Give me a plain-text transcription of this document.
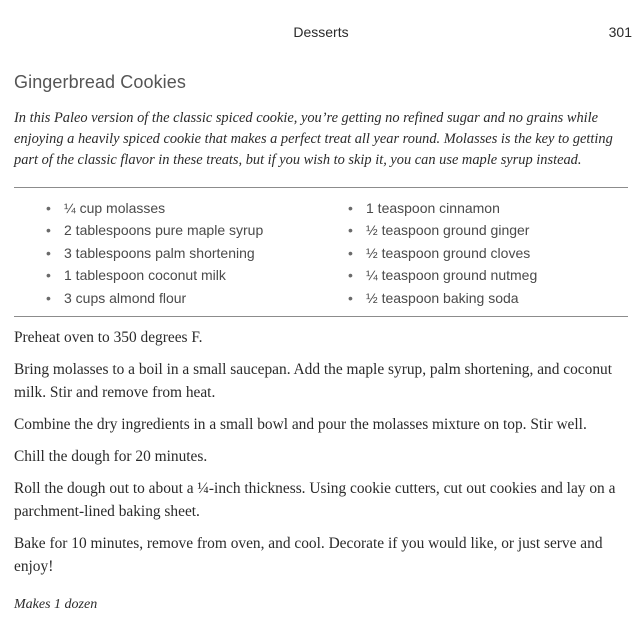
Desserts	301
Gingerbread Cookies

In this Paleo version of the classic spiced cookie, you’re getting no refined sugar and no grains while enjoying a heavily spiced cookie that makes a perfect treat all year round. Molasses is the key to getting part of the classic flavor in these treats, but if you wish to skip it, you can use maple syrup instead.

• ¼ cup molasses
• 2 tablespoons pure maple syrup
• 3 tablespoons palm shortening
• 1 tablespoon coconut milk
• 3 cups almond flour
• 1 teaspoon cinnamon
• ½ teaspoon ground ginger
• ½ teaspoon ground cloves
• ¼ teaspoon ground nutmeg
• ½ teaspoon baking soda

Preheat oven to 350 degrees F.

Bring molasses to a boil in a small saucepan. Add the maple syrup, palm shortening, and coconut milk. Stir and remove from heat.

Combine the dry ingredients in a small bowl and pour the molasses mixture on top. Stir well.

Chill the dough for 20 minutes.

Roll the dough out to about a ¼-inch thickness. Using cookie cutters, cut out cookies and lay on a parchment-lined baking sheet.

Bake for 10 minutes, remove from oven, and cool. Decorate if you would like, or just serve and enjoy!

Makes 1 dozen
